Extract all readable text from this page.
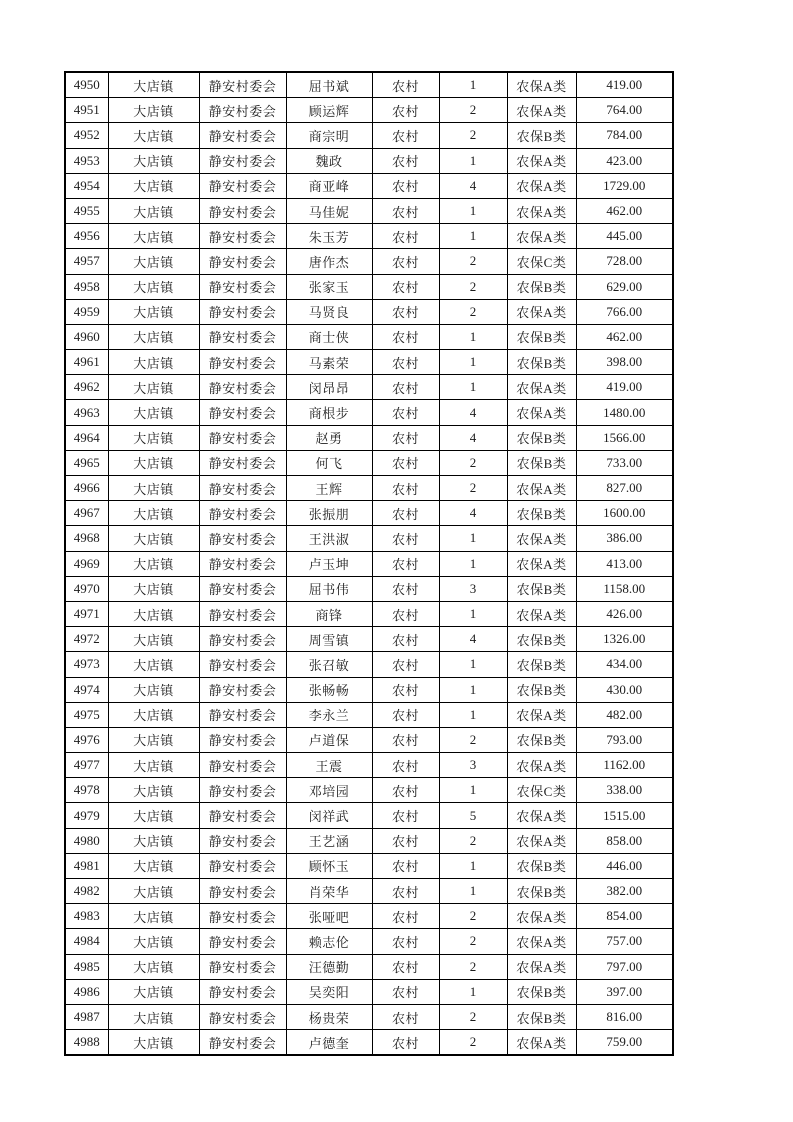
4950	大店镇	静安村委会	屈书斌	农村	1	农保A类	419.00
4951	大店镇	静安村委会	顾运辉	农村	2	农保A类	764.00
4952	大店镇	静安村委会	商宗明	农村	2	农保B类	784.00
4953	大店镇	静安村委会	魏政	农村	1	农保A类	423.00
4954	大店镇	静安村委会	商亚峰	农村	4	农保A类	1729.00
4955	大店镇	静安村委会	马佳妮	农村	1	农保A类	462.00
4956	大店镇	静安村委会	朱玉芳	农村	1	农保A类	445.00
4957	大店镇	静安村委会	唐作杰	农村	2	农保C类	728.00
4958	大店镇	静安村委会	张家玉	农村	2	农保B类	629.00
4959	大店镇	静安村委会	马贤良	农村	2	农保A类	766.00
4960	大店镇	静安村委会	商士侠	农村	1	农保B类	462.00
4961	大店镇	静安村委会	马素荣	农村	1	农保B类	398.00
4962	大店镇	静安村委会	闵昂昂	农村	1	农保A类	419.00
4963	大店镇	静安村委会	商根步	农村	4	农保A类	1480.00
4964	大店镇	静安村委会	赵勇	农村	4	农保B类	1566.00
4965	大店镇	静安村委会	何飞	农村	2	农保B类	733.00
4966	大店镇	静安村委会	王辉	农村	2	农保A类	827.00
4967	大店镇	静安村委会	张振朋	农村	4	农保B类	1600.00
4968	大店镇	静安村委会	王洪淑	农村	1	农保A类	386.00
4969	大店镇	静安村委会	卢玉坤	农村	1	农保A类	413.00
4970	大店镇	静安村委会	屈书伟	农村	3	农保B类	1158.00
4971	大店镇	静安村委会	商锋	农村	1	农保A类	426.00
4972	大店镇	静安村委会	周雪镇	农村	4	农保B类	1326.00
4973	大店镇	静安村委会	张召敏	农村	1	农保B类	434.00
4974	大店镇	静安村委会	张畅畅	农村	1	农保B类	430.00
4975	大店镇	静安村委会	李永兰	农村	1	农保A类	482.00
4976	大店镇	静安村委会	卢道保	农村	2	农保B类	793.00
4977	大店镇	静安村委会	王震	农村	3	农保A类	1162.00
4978	大店镇	静安村委会	邓培园	农村	1	农保C类	338.00
4979	大店镇	静安村委会	闵祥武	农村	5	农保A类	1515.00
4980	大店镇	静安村委会	王艺涵	农村	2	农保A类	858.00
4981	大店镇	静安村委会	顾怀玉	农村	1	农保B类	446.00
4982	大店镇	静安村委会	肖荣华	农村	1	农保B类	382.00
4983	大店镇	静安村委会	张哑吧	农村	2	农保A类	854.00
4984	大店镇	静安村委会	赖志伦	农村	2	农保A类	757.00
4985	大店镇	静安村委会	汪德勤	农村	2	农保A类	797.00
4986	大店镇	静安村委会	吴奕阳	农村	1	农保B类	397.00
4987	大店镇	静安村委会	杨贵荣	农村	2	农保B类	816.00
4988	大店镇	静安村委会	卢德奎	农村	2	农保A类	759.00
